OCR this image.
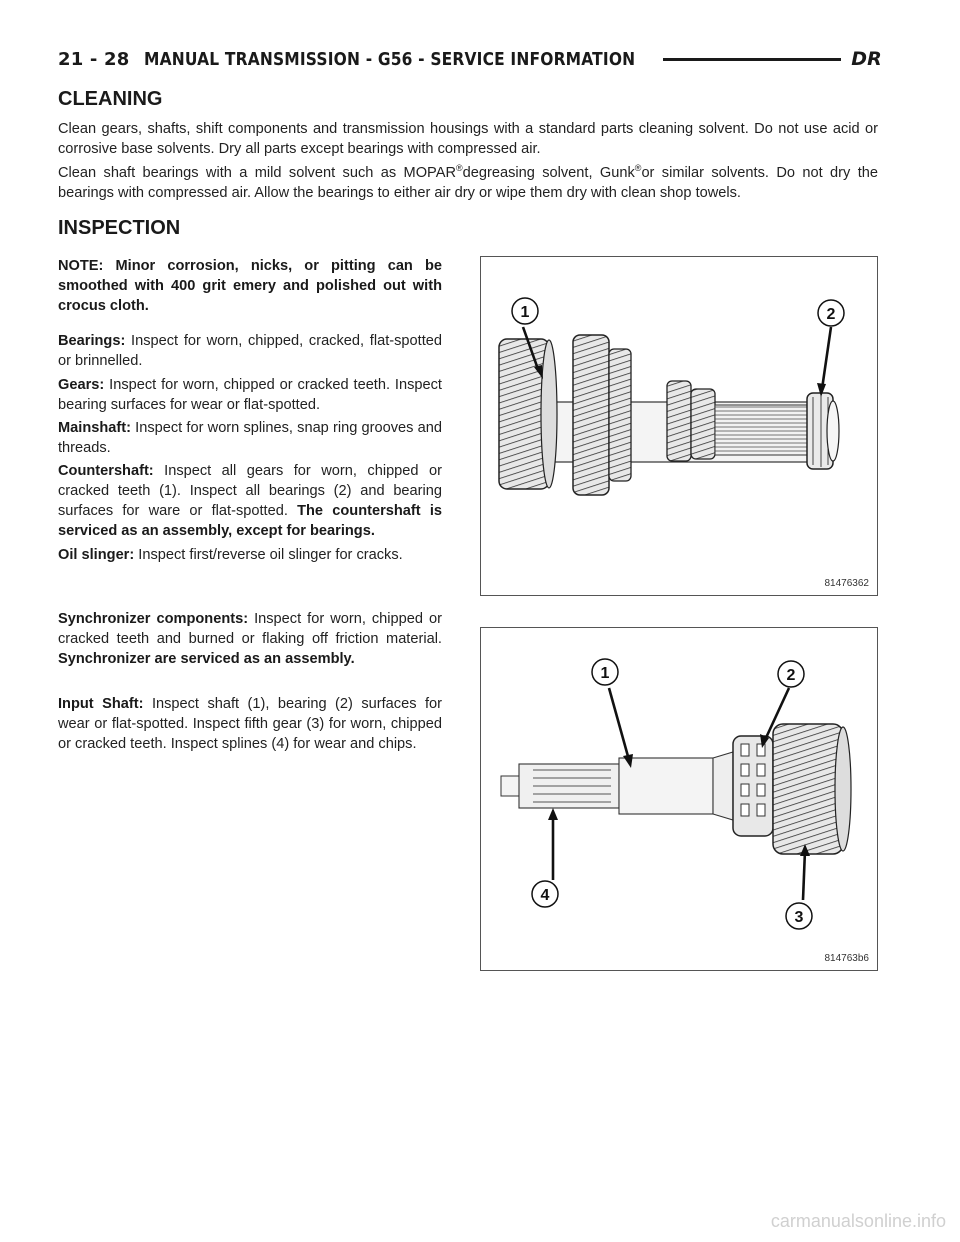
21 - 28 MANUAL TRANSMISSION - G56 - SERVICE INFORMATION	DR
CLEANING

Clean gears, shafts, shift components and transmission housings with a standard parts cleaning solvent. Do not use acid or corrosive base solvents. Dry all parts except bearings with compressed air.

Clean shaft bearings with a mild solvent such as MOPAR®degreasing solvent, Gunk®or similar solvents. Do not dry the bearings with compressed air. Allow the bearings to either air dry or wipe them dry with clean shop towels.

INSPECTION

NOTE: Minor corrosion, nicks, or pitting can be smoothed with 400 grit emery and polished out with crocus cloth.

Bearings: Inspect for worn, chipped, cracked, flat-spotted or brinnelled.

Gears: Inspect for worn, chipped or cracked teeth. Inspect bearing surfaces for wear or flat-spotted.

Mainshaft: Inspect for worn splines, snap ring grooves and threads.

Countershaft: Inspect all gears for worn, chipped or cracked teeth (1). Inspect all bearings (2) and bearing surfaces for ware or flat-spotted. The countershaft is serviced as an assembly, except for bearings.

Oil slinger: Inspect first/reverse oil slinger for cracks.

Synchronizer components: Inspect for worn, chipped or cracked teeth and burned or flaking off friction material. Synchronizer are serviced as an assembly.

Input Shaft: Inspect shaft (1), bearing (2) surfaces for wear or flat-spotted. Inspect fifth gear (3) for worn, chipped or cracked teeth. Inspect splines (4) for wear and chips.

1	2
81476362
1	2
3
4
814763b6
carmanualsonline.info
